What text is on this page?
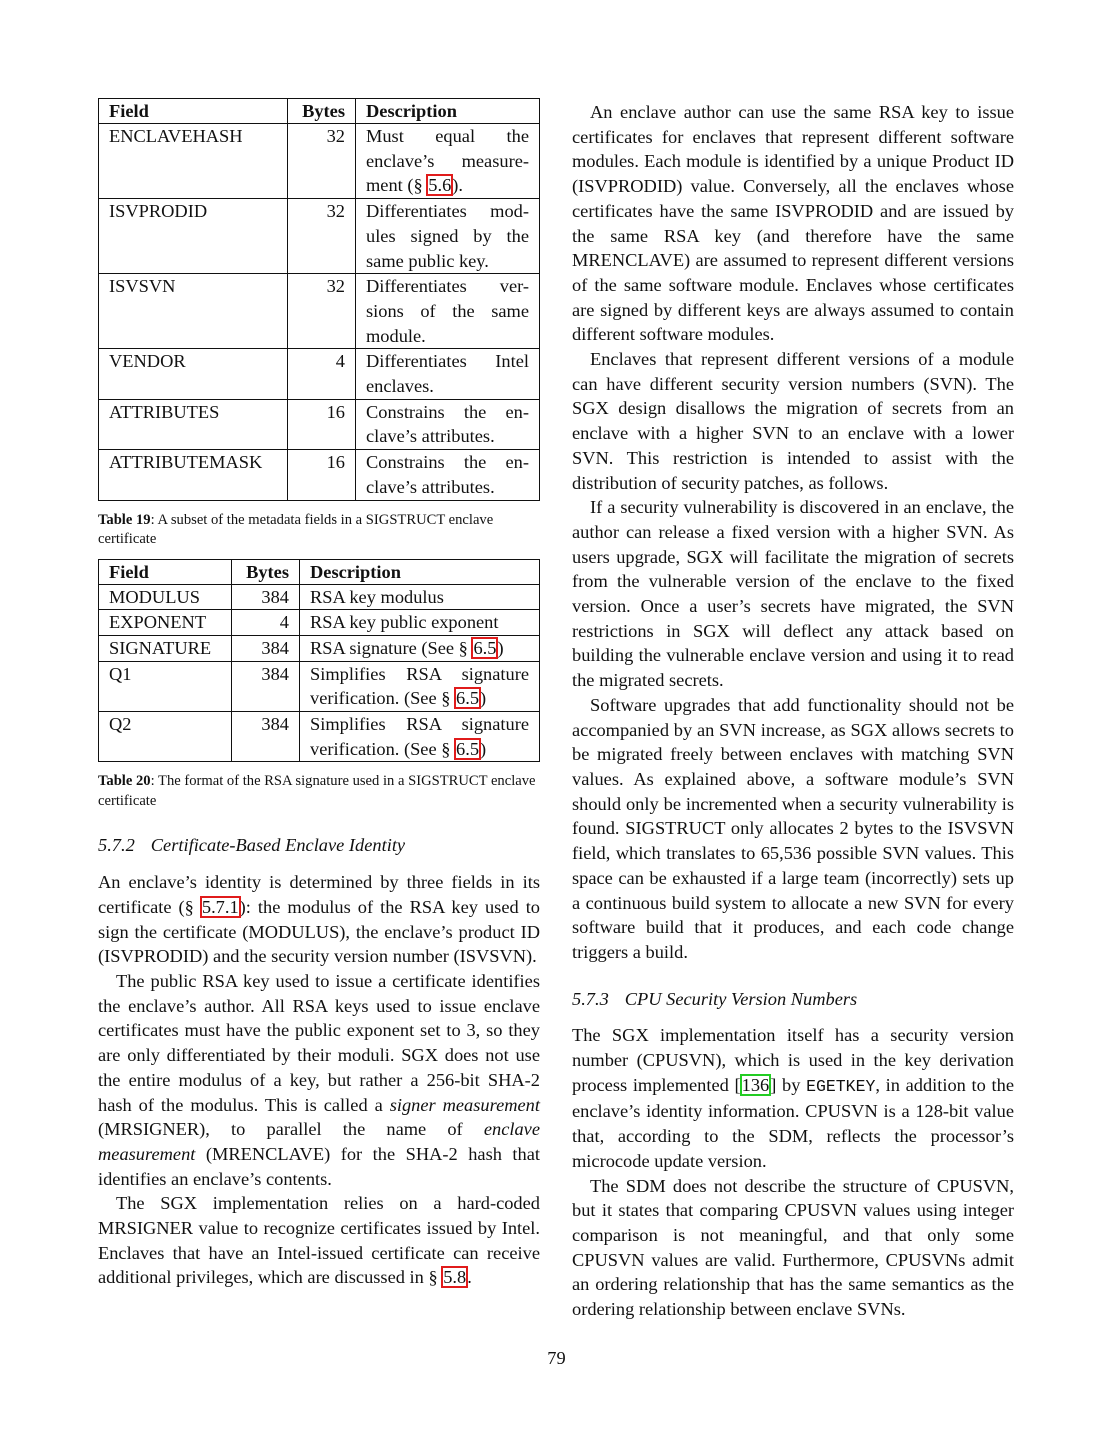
Field	Bytes	Description
ENCLAVEHASH	32	Must equal the enclave’s measure-ment (§ 5.6).
ISVPRODID	32	Differentiates mod-ules signed by the same public key.
ISVSVN	32	Differentiates ver-sions of the same module.
VENDOR	4	Differentiates Intel enclaves.
ATTRIBUTES	16	Constrains the en-clave’s attributes.
ATTRIBUTEMASK	16	Constrains the en-clave’s attributes.
Table 19: A subset of the metadata fields in a SIGSTRUCT enclave certificate
Field	Bytes	Description
MODULUS	384	RSA key modulus
EXPONENT	4	RSA key public exponent
SIGNATURE	384	RSA signature (See § 6.5)
Q1	384	Simplifies RSA signature verification. (See § 6.5)
Q2	384	Simplifies RSA signature verification. (See § 6.5)
Table 20: The format of the RSA signature used in a SIGSTRUCT enclave certificate
5.7.2 Certificate-Based Enclave Identity

An enclave’s identity is determined by three fields in its certificate (§ 5.7.1): the modulus of the RSA key used to sign the certificate (MODULUS), the enclave’s product ID (ISVPRODID) and the security version number (ISVSVN).

The public RSA key used to issue a certificate identifies the enclave’s author. All RSA keys used to issue enclave certificates must have the public exponent set to 3, so they are only differentiated by their moduli. SGX does not use the entire modulus of a key, but rather a 256-bit SHA-2 hash of the modulus. This is called a signer measurement (MRSIGNER), to parallel the name of enclave measurement (MRENCLAVE) for the SHA-2 hash that identifies an enclave’s contents.

The SGX implementation relies on a hard-coded MRSIGNER value to recognize certificates issued by Intel. Enclaves that have an Intel-issued certificate can receive additional privileges, which are discussed in § 5.8.

An enclave author can use the same RSA key to issue certificates for enclaves that represent different software modules. Each module is identified by a unique Product ID (ISVPRODID) value. Conversely, all the enclaves whose certificates have the same ISVPRODID and are issued by the same RSA key (and therefore have the same MRENCLAVE) are assumed to represent different versions of the same software module. Enclaves whose certificates are signed by different keys are always assumed to contain different software modules.

Enclaves that represent different versions of a module can have different security version numbers (SVN). The SGX design disallows the migration of secrets from an enclave with a higher SVN to an enclave with a lower SVN. This restriction is intended to assist with the distribution of security patches, as follows.

If a security vulnerability is discovered in an enclave, the author can release a fixed version with a higher SVN. As users upgrade, SGX will facilitate the migration of secrets from the vulnerable version of the enclave to the fixed version. Once a user’s secrets have migrated, the SVN restrictions in SGX will deflect any attack based on building the vulnerable enclave version and using it to read the migrated secrets.

Software upgrades that add functionality should not be accompanied by an SVN increase, as SGX allows secrets to be migrated freely between enclaves with matching SVN values. As explained above, a software module’s SVN should only be incremented when a security vulnerability is found. SIGSTRUCT only allocates 2 bytes to the ISVSVN field, which translates to 65,536 possible SVN values. This space can be exhausted if a large team (incorrectly) sets up a continuous build system to allocate a new SVN for every software build that it produces, and each code change triggers a build.

5.7.3 CPU Security Version Numbers

The SGX implementation itself has a security version number (CPUSVN), which is used in the key derivation process implemented [136] by EGETKEY, in addition to the enclave’s identity information. CPUSVN is a 128-bit value that, according to the SDM, reflects the processor’s microcode update version.

The SDM does not describe the structure of CPUSVN, but it states that comparing CPUSVN values using integer comparison is not meaningful, and that only some CPUSVN values are valid. Furthermore, CPUSVNs admit an ordering relationship that has the same semantics as the ordering relationship between enclave SVNs.

79
